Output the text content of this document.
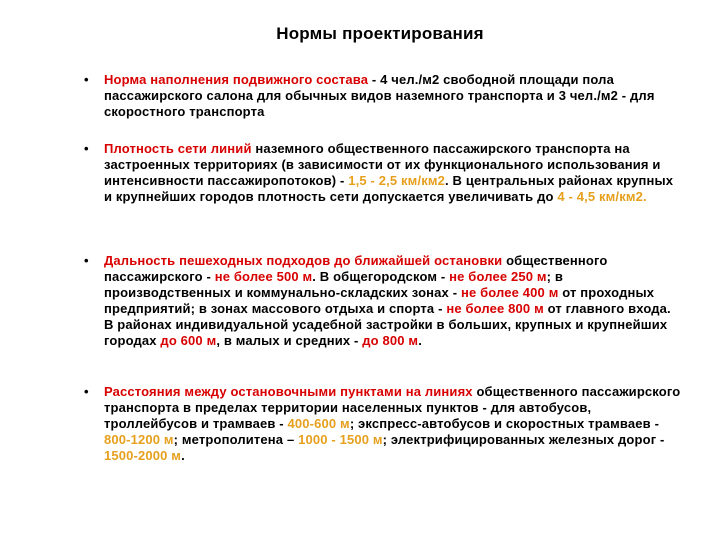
Нормы проектирования
• Норма наполнения подвижного состава - 4 чел./м2 свободной площади пола пассажирского салона для обычных видов наземного транспорта и 3 чел./м2 - для скоростного транспорта
• Плотность сети линий наземного общественного пассажирского транспорта на застроенных территориях (в зависимости от их функционального использования и интенсивности пассажиропотоков) - 1,5 - 2,5 км/км2. В центральных районах крупных и крупнейших городов плотность сети допускается увеличивать до 4 - 4,5 км/км2.
• Дальность пешеходных подходов до ближайшей остановки общественного пассажирского - не более 500 м. В общегородском - не более 250 м; в производственных и коммунально-складских зонах - не более 400 м от проходных предприятий; в зонах массового отдыха и спорта - не более 800 м от главного входа. В районах индивидуальной усадебной застройки в больших, крупных и крупнейших городах до 600 м, в малых и средних - до 800 м.
• Расстояния между остановочными пунктами на линиях общественного пассажирского транспорта в пределах территории населенных пунктов - для автобусов, троллейбусов и трамваев - 400-600 м; экспресс-автобусов и скоростных трамваев - 800-1200 м; метрополитена – 1000 - 1500 м; электрифицированных железных дорог - 1500-2000 м.
